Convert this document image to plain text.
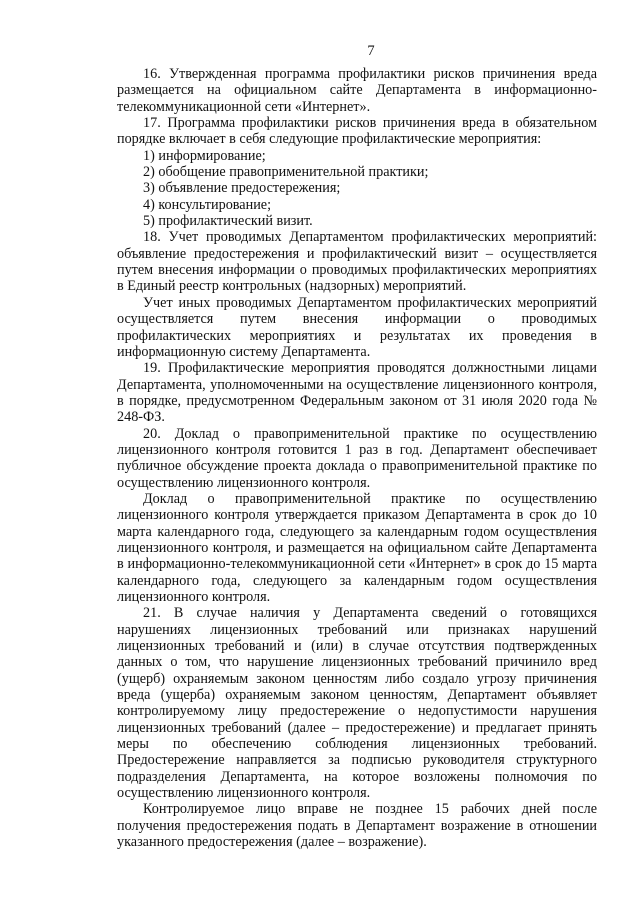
7

16. Утвержденная программа профилактики рисков причинения вреда размещается на официальном сайте Департамента в информационно-телекоммуникационной сети «Интернет».

17. Программа профилактики рисков причинения вреда в обязательном порядке включает в себя следующие профилактические мероприятия:

1) информирование;

2) обобщение правоприменительной практики;

3) объявление предостережения;

4) консультирование;

5) профилактический визит.

18. Учет проводимых Департаментом профилактических мероприятий: объявление предостережения и профилактический визит – осуществляется путем внесения информации о проводимых профилактических мероприятиях в Единый реестр контрольных (надзорных) мероприятий.

Учет иных проводимых Департаментом профилактических мероприятий осуществляется путем внесения информации о проводимых профилактических мероприятиях и результатах их проведения в информационную систему Департамента.

19. Профилактические мероприятия проводятся должностными лицами Департамента, уполномоченными на осуществление лицензионного контроля, в порядке, предусмотренном Федеральным законом от 31 июля 2020 года № 248-ФЗ.

20. Доклад о правоприменительной практике по осуществлению лицензионного контроля готовится 1 раз в год. Департамент обеспечивает публичное обсуждение проекта доклада о правоприменительной практике по осуществлению лицензионного контроля.

Доклад о правоприменительной практике по осуществлению лицензионного контроля утверждается приказом Департамента в срок до 10 марта календарного года, следующего за календарным годом осуществления лицензионного контроля, и размещается на официальном сайте Департамента в информационно-телекоммуникационной сети «Интернет» в срок до 15 марта календарного года, следующего за календарным годом осуществления лицензионного контроля.

21. В случае наличия у Департамента сведений о готовящихся нарушениях лицензионных требований или признаках нарушений лицензионных требований и (или) в случае отсутствия подтвержденных данных о том, что нарушение лицензионных требований причинило вред (ущерб) охраняемым законом ценностям либо создало угрозу причинения вреда (ущерба) охраняемым законом ценностям, Департамент объявляет контролируемому лицу предостережение о недопустимости нарушения лицензионных требований (далее – предостережение) и предлагает принять меры по обеспечению соблюдения лицензионных требований. Предостережение направляется за подписью руководителя структурного подразделения Департамента, на которое возложены полномочия по осуществлению лицензионного контроля.

Контролируемое лицо вправе не позднее 15 рабочих дней после получения предостережения подать в Департамент возражение в отношении указанного предостережения (далее – возражение).
